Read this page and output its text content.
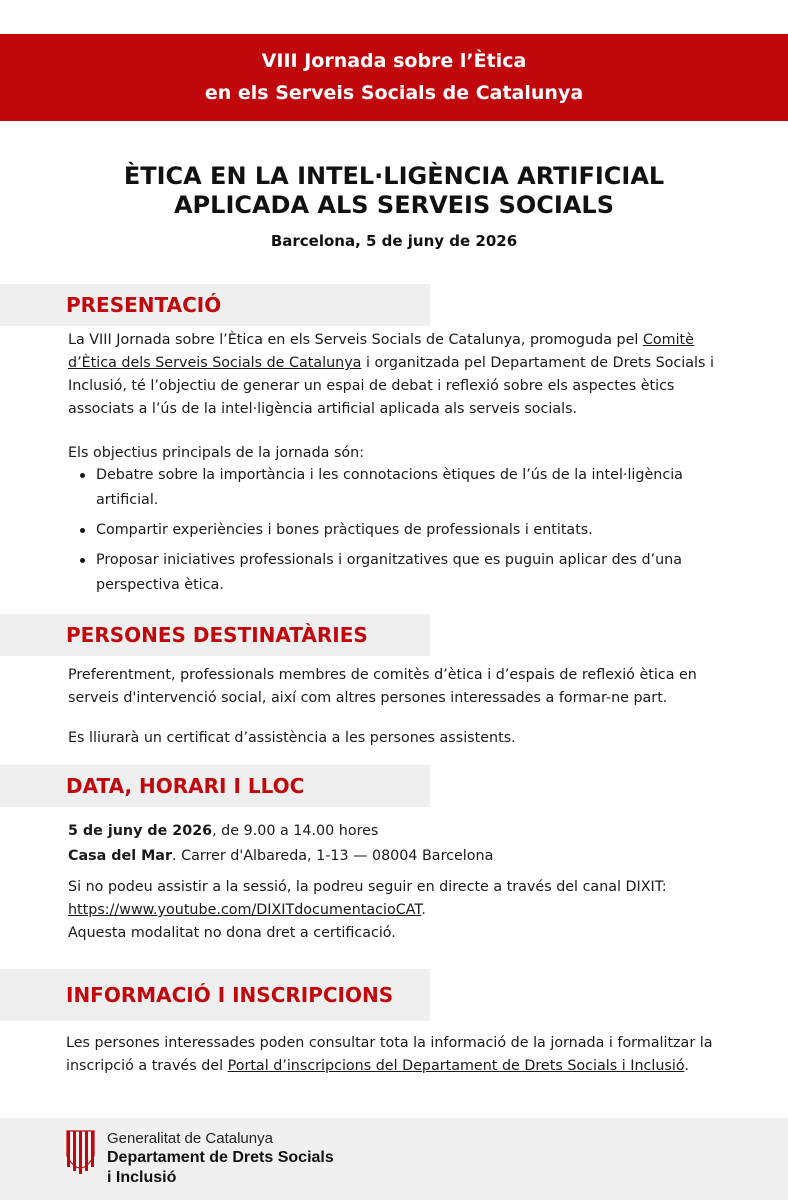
VIII Jornada sobre l’Ètica
en els Serveis Socials de Catalunya
ÈTICA EN LA INTEL·LIGÈNCIA ARTIFICIAL
APLICADA ALS SERVEIS SOCIALS
Barcelona, 5 de juny de 2026
PRESENTACIÓ

La VIII Jornada sobre l’Ètica en els Serveis Socials de Catalunya, promoguda pel Comitè d’Ètica dels Serveis Socials de Catalunya i organitzada pel Departament de Drets Socials i Inclusió, té l’objectiu de generar un espai de debat i reflexió sobre els aspectes ètics associats a l’ús de la intel·ligència artificial aplicada als serveis socials.

Els objectius principals de la jornada són:
Debatre sobre la importància i les connotacions ètiques de l’ús de la intel·ligència artificial.
Compartir experiències i bones pràctiques de professionals i entitats.
Proposar iniciatives professionals i organitzatives que es puguin aplicar des d’una perspectiva ètica.
PERSONES DESTINATÀRIES
Preferentment, professionals membres de comitès d’ètica i d’espais de reflexió ètica en serveis d'intervenció social, així com altres persones interessades a formar-ne part.
Es lliurarà un certificat d’assistència a les persones assistents.
DATA, HORARI I LLOC
5 de juny de 2026, de 9.00 a 14.00 hores
Casa del Mar. Carrer d'Albareda, 1-13 — 08004 Barcelona
Si no podeu assistir a la sessió, la podreu seguir en directe a través del canal DIXIT:
https://www.youtube.com/DIXITdocumentacioCAT.
Aquesta modalitat no dona dret a certificació.
INFORMACIÓ I INSCRIPCIONS
Les persones interessades poden consultar tota la informació de la jornada i formalitzar la inscripció a través del Portal d’inscripcions del Departament de Drets Socials i Inclusió.
Generalitat de Catalunya
Departament de Drets Socials
i Inclusió
